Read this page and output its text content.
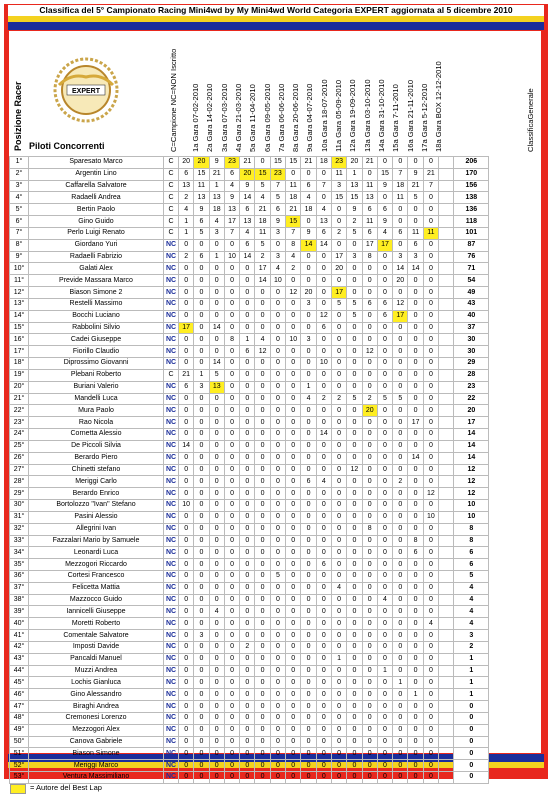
Classifica del 5° Campionato Racing Mini4wd by My Mini4wd World Categoria EXPERT aggiornata al 5 dicembre 2010
Posizione Racer	EXPERT
Piloti Concorrenti	C=Campione NC=NON Iscritto 1a Gara 07-02-2010 2a Gara 14-02-2010 3a Gara 07-03-2010 4a Gara 21-03-2010 5a Gara 11-04-2010 6a Gara 09-05-2010 7a Gara 06-06-2010 8a Gara 20-06-2010 9a Gara 04-07-2010 10a Gara 18-07-2010 11a Gara 05-09-2010 12a Gara 19-09-2010 13a Gara 03-10-2010 14a Gara 31-10-2010 15a Gara 7-11-2010 16a Gara 21-11-2010 17a Gara 5-12-2010 18a Gara BOX 12-12-2010	ClassificaGenerale
1°	Sparesato Marco	C	20	20	9	23	21	0	15	15	21	18	23	20	21	0	0	0	0		206
2°	Argentin Lino	C	6	15	21	6	20	15	23	0	0	0	11	1	0	15	7	9	21		170
3°	Caffarella Salvatore	C	13	11	1	4	9	5	7	11	6	7	3	13	11	9	18	21	7		156
4°	Radaelli Andrea	C	2	13	13	9	14	4	5	18	4	0	15	15	13	0	11	5	0		138
5°	Bertin Paolo	C	4	9	18	13	6	21	6	21	18	4	0	9	6	6	0	0	0		136
6°	Gino Guido	C	1	6	4	17	13	18	9	15	0	13	0	2	11	9	0	0	0		118
7°	Perlo Luigi Renato	C	1	5	3	7	4	11	3	7	9	6	2	5	6	4	6	11	11		101
8°	Giordano Yuri	NC	0	0	0	0	6	5	0	8	14	14	0	0	17	17	0	6	0		87
9°	Radaelli Fabrizio	NC	2	6	1	10	14	2	3	4	0	0	17	3	8	0	3	3	0		76
10°	Galati Alex	NC	0	0	0	0	0	17	4	2	0	0	20	0	0	0	14	14	0		71
11°	Previde Massara Marco	NC	0	0	0	0	0	14	10	0	0	0	0	0	0	0	20	0	0		54
12°	Biason Simone 2	NC	0	0	0	0	0	0	0	12	20	0	17	0	0	0	0	0	0		49
13°	Restelli Massimo	NC	0	0	0	0	0	0	0	0	3	0	5	5	6	6	12	0	0		43
14°	Bocchi Luciano	NC	0	0	0	0	0	0	0	0	0	12	0	5	0	6	17	0	0		40
15°	Rabbolini Silvio	NC	17	0	14	0	0	0	0	0	0	6	0	0	0	0	0	0	0		37
16°	Cadei Giuseppe	NC	0	0	0	8	1	4	0	10	3	0	0	0	0	0	0	0	0		30
17°	Fiorillo Claudio	NC	0	0	0	0	6	12	0	0	0	0	0	0	12	0	0	0	0		30
18°	Diprossimo Giovanni	NC	0	0	14	0	0	0	0	0	0	10	0	0	0	0	0	0	0		29
19°	Plebani Roberto	C	21	1	5	0	0	0	0	0	0	0	0	0	0	0	0	0	0		28
20°	Buriani Valerio	NC	6	3	13	0	0	0	0	0	1	0	0	0	0	0	0	0	0		23
21°	Mandelli Luca	NC	0	0	0	0	0	0	0	0	4	2	2	5	2	5	5	0	0		22
22°	Mura Paolo	NC	0	0	0	0	0	0	0	0	0	0	0	0	20	0	0	0	0		20
23°	Rao Nicola	NC	0	0	0	0	0	0	0	0	0	0	0	0	0	0	0	17	0		17
24°	Cornetta Alessio	NC	0	0	0	0	0	0	0	0	0	14	0	0	0	0	0	0	0		14
25°	De Piccoli Silvia	NC	14	0	0	0	0	0	0	0	0	0	0	0	0	0	0	0	0		14
26°	Berardo Piero	NC	0	0	0	0	0	0	0	0	0	0	0	0	0	0	0	14	0		14
27°	Chinetti stefano	NC	0	0	0	0	0	0	0	0	0	0	0	12	0	0	0	0	0		12
28°	Meriggi Carlo	NC	0	0	0	0	0	0	0	0	6	4	0	0	0	0	2	0	0		12
29°	Berardo Enrico	NC	0	0	0	0	0	0	0	0	0	0	0	0	0	0	0	0	12		12
30°	Bortolozzo "Ivan" Stefano	NC	10	0	0	0	0	0	0	0	0	0	0	0	0	0	0	0	0		10
31°	Pasini Alessio	NC	0	0	0	0	0	0	0	0	0	0	0	0	0	0	0	0	10		10
32°	Allegrini Ivan	NC	0	0	0	0	0	0	0	0	0	0	0	0	8	0	0	0	0		8
33°	Fazzalari Mario by Samuele	NC	0	0	0	0	0	0	0	0	0	0	0	0	0	0	0	8	0		8
34°	Leonardi Luca	NC	0	0	0	0	0	0	0	0	0	0	0	0	0	0	0	6	0		6
35°	Mezzogori Riccardo	NC	0	0	0	0	0	0	0	0	0	6	0	0	0	0	0	0	0		6
36°	Cortesi Francesco	NC	0	0	0	0	0	0	5	0	0	0	0	0	0	0	0	0	0		5
37°	Felicetta Mattia	NC	0	0	0	0	0	0	0	0	0	0	4	0	0	0	0	0	0		4
38°	Mazzocco Guido	NC	0	0	0	0	0	0	0	0	0	0	0	0	0	4	0	0	0		4
39°	Iannicelli Giuseppe	NC	0	0	4	0	0	0	0	0	0	0	0	0	0	0	0	0	0		4
40°	Moretti Roberto	NC	0	0	0	0	0	0	0	0	0	0	0	0	0	0	0	0	4		4
41°	Comentale Salvatore	NC	0	3	0	0	0	0	0	0	0	0	0	0	0	0	0	0	0		3
42°	Imposti Davide	NC	0	0	0	0	2	0	0	0	0	0	0	0	0	0	0	0	0		2
43°	Pancaldi Manuel	NC	0	0	0	0	0	0	0	0	0	0	1	0	0	0	0	0	0		1
44°	Muzzi Andrea	NC	0	0	0	0	0	0	0	0	0	0	0	0	0	1	0	0	0		1
45°	Lochis Gianluca	NC	0	0	0	0	0	0	0	0	0	0	0	0	0	0	1	0	0		1
46°	Gino Alessandro	NC	0	0	0	0	0	0	0	0	0	0	0	0	0	0	0	1	0		1
47°	Biraghi Andrea	NC	0	0	0	0	0	0	0	0	0	0	0	0	0	0	0	0	0		0
48°	Cremonesi Lorenzo	NC	0	0	0	0	0	0	0	0	0	0	0	0	0	0	0	0	0		0
49°	Mezzogori Alex	NC	0	0	0	0	0	0	0	0	0	0	0	0	0	0	0	0	0		0
50°	Canova Gabriele	NC	0	0	0	0	0	0	0	0	0	0	0	0	0	0	0	0	0		0
51°	Biason Simone	NC	0	0	0	0	0	0	0	0	0	0	0	0	0	0	0	0	0		0
52°	Meriggi Marco	NC	0	0	0	0	0	0	0	0	0	0	0	0	0	0	0	0	0		0
53°	Ventura Massimiliano	NC	0	0	0	0	0	0	0	0	0	0	0	0	0	0	0	0	0		0
= Autore del Best Lap
